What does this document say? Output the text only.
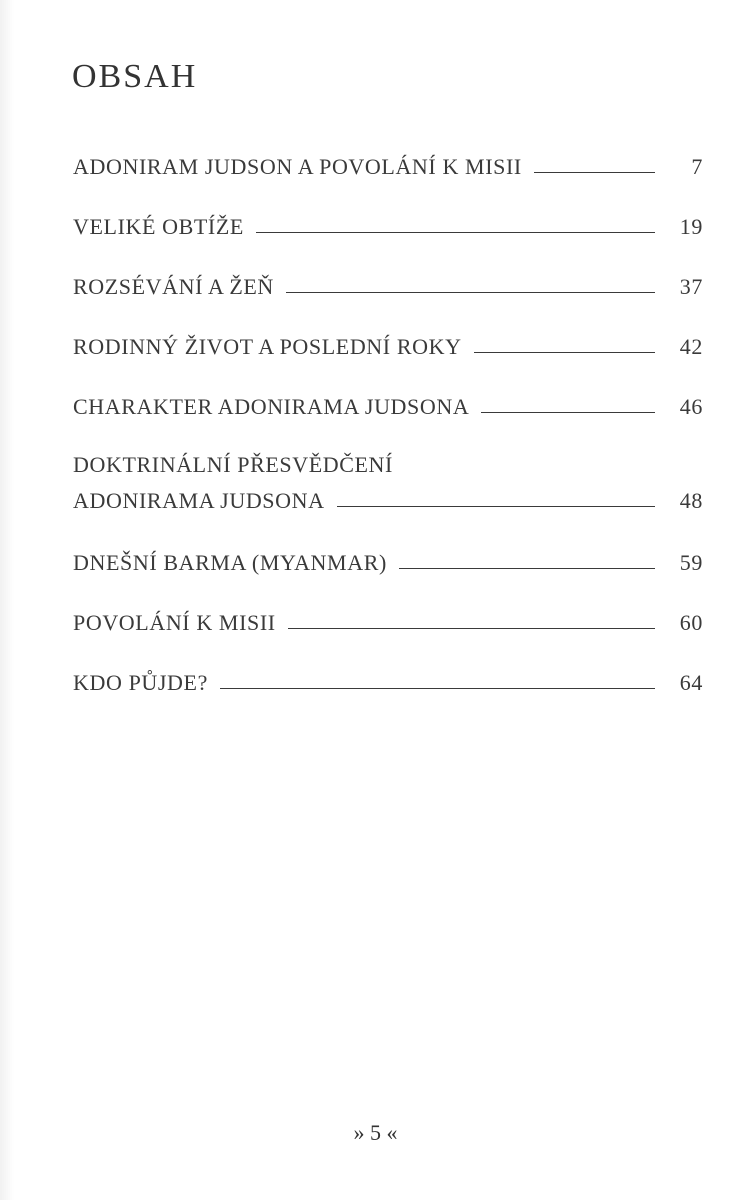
OBSAH
ADONIRAM JUDSON A POVOLÁNÍ K MISII	7
VELIKÉ OBTÍŽE	19
ROZSÉVÁNÍ A ŽEŇ	37
RODINNÝ ŽIVOT A POSLEDNÍ ROKY	42
CHARAKTER ADONIRAMA JUDSONA	46
DOKTRINÁLNÍ PŘESVĚDČENÍ
ADONIRAMA JUDSONA	48
DNEŠNÍ BARMA (MYANMAR)	59
POVOLÁNÍ K MISII	60
KDO PŮJDE?	64
» 5 «
